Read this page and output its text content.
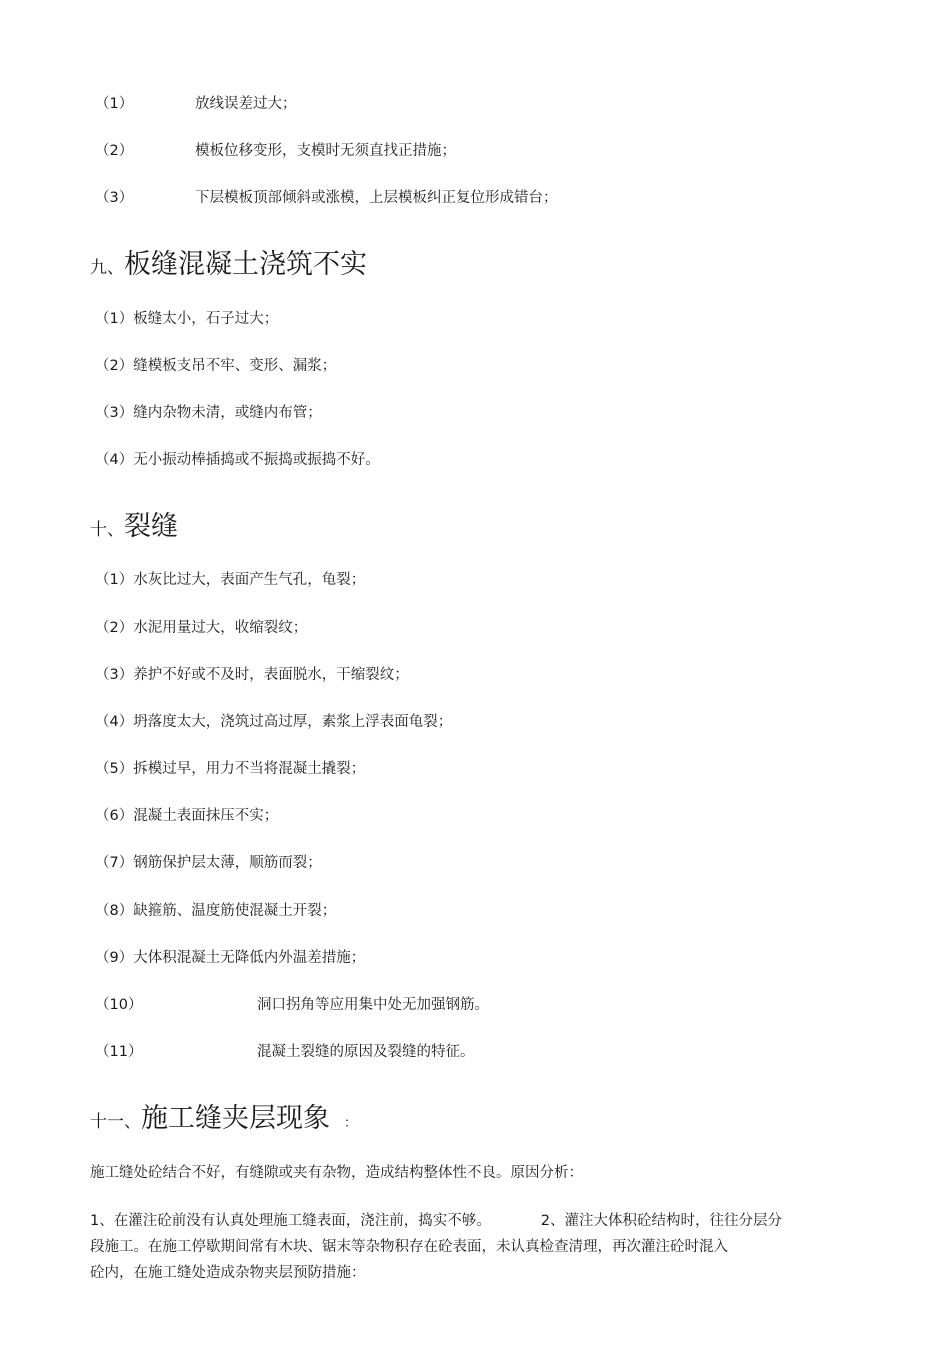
（1）	放线误差过大；
（2）	模板位移变形，支模时无须直找正措施；
（3）	下层模板顶部倾斜或涨模，上层模板纠正复位形成错台；
九、板缝混凝土浇筑不实
（1）板缝太小，石子过大；
（2）缝模板支吊不牢、变形、漏浆；
（3）缝内杂物未清，或缝内布管；
（4）无小振动棒插捣或不振捣或振捣不好。
十、裂缝
（1）水灰比过大，表面产生气孔，龟裂；
（2）水泥用量过大，收缩裂纹；
（3）养护不好或不及时，表面脱水，干缩裂纹；
（4）坍落度太大，浇筑过高过厚，素浆上浮表面龟裂；
（5）拆模过早，用力不当将混凝土撬裂；
（6）混凝土表面抹压不实；
（7）钢筋保护层太薄，顺筋而裂；
（8）缺箍筋、温度筋使混凝土开裂；
（9）大体积混凝土无降低内外温差措施；
（10）	洞口拐角等应用集中处无加强钢筋。
（11）	混凝土裂缝的原因及裂缝的特征。
十一、施工缝夹层现象 ：
施工缝处砼结合不好，有缝隙或夹有杂物，造成结构整体性不良。原因分析：
1、在灌注砼前没有认真处理施工缝表面，浇注前，捣实不够。	2、灌注大体积砼结构时，往往分层分
段施工。在施工停歇期间常有木块、锯末等杂物积存在砼表面，未认真检查清理，再次灌注砼时混入
砼内，在施工缝处造成杂物夹层预防措施：
